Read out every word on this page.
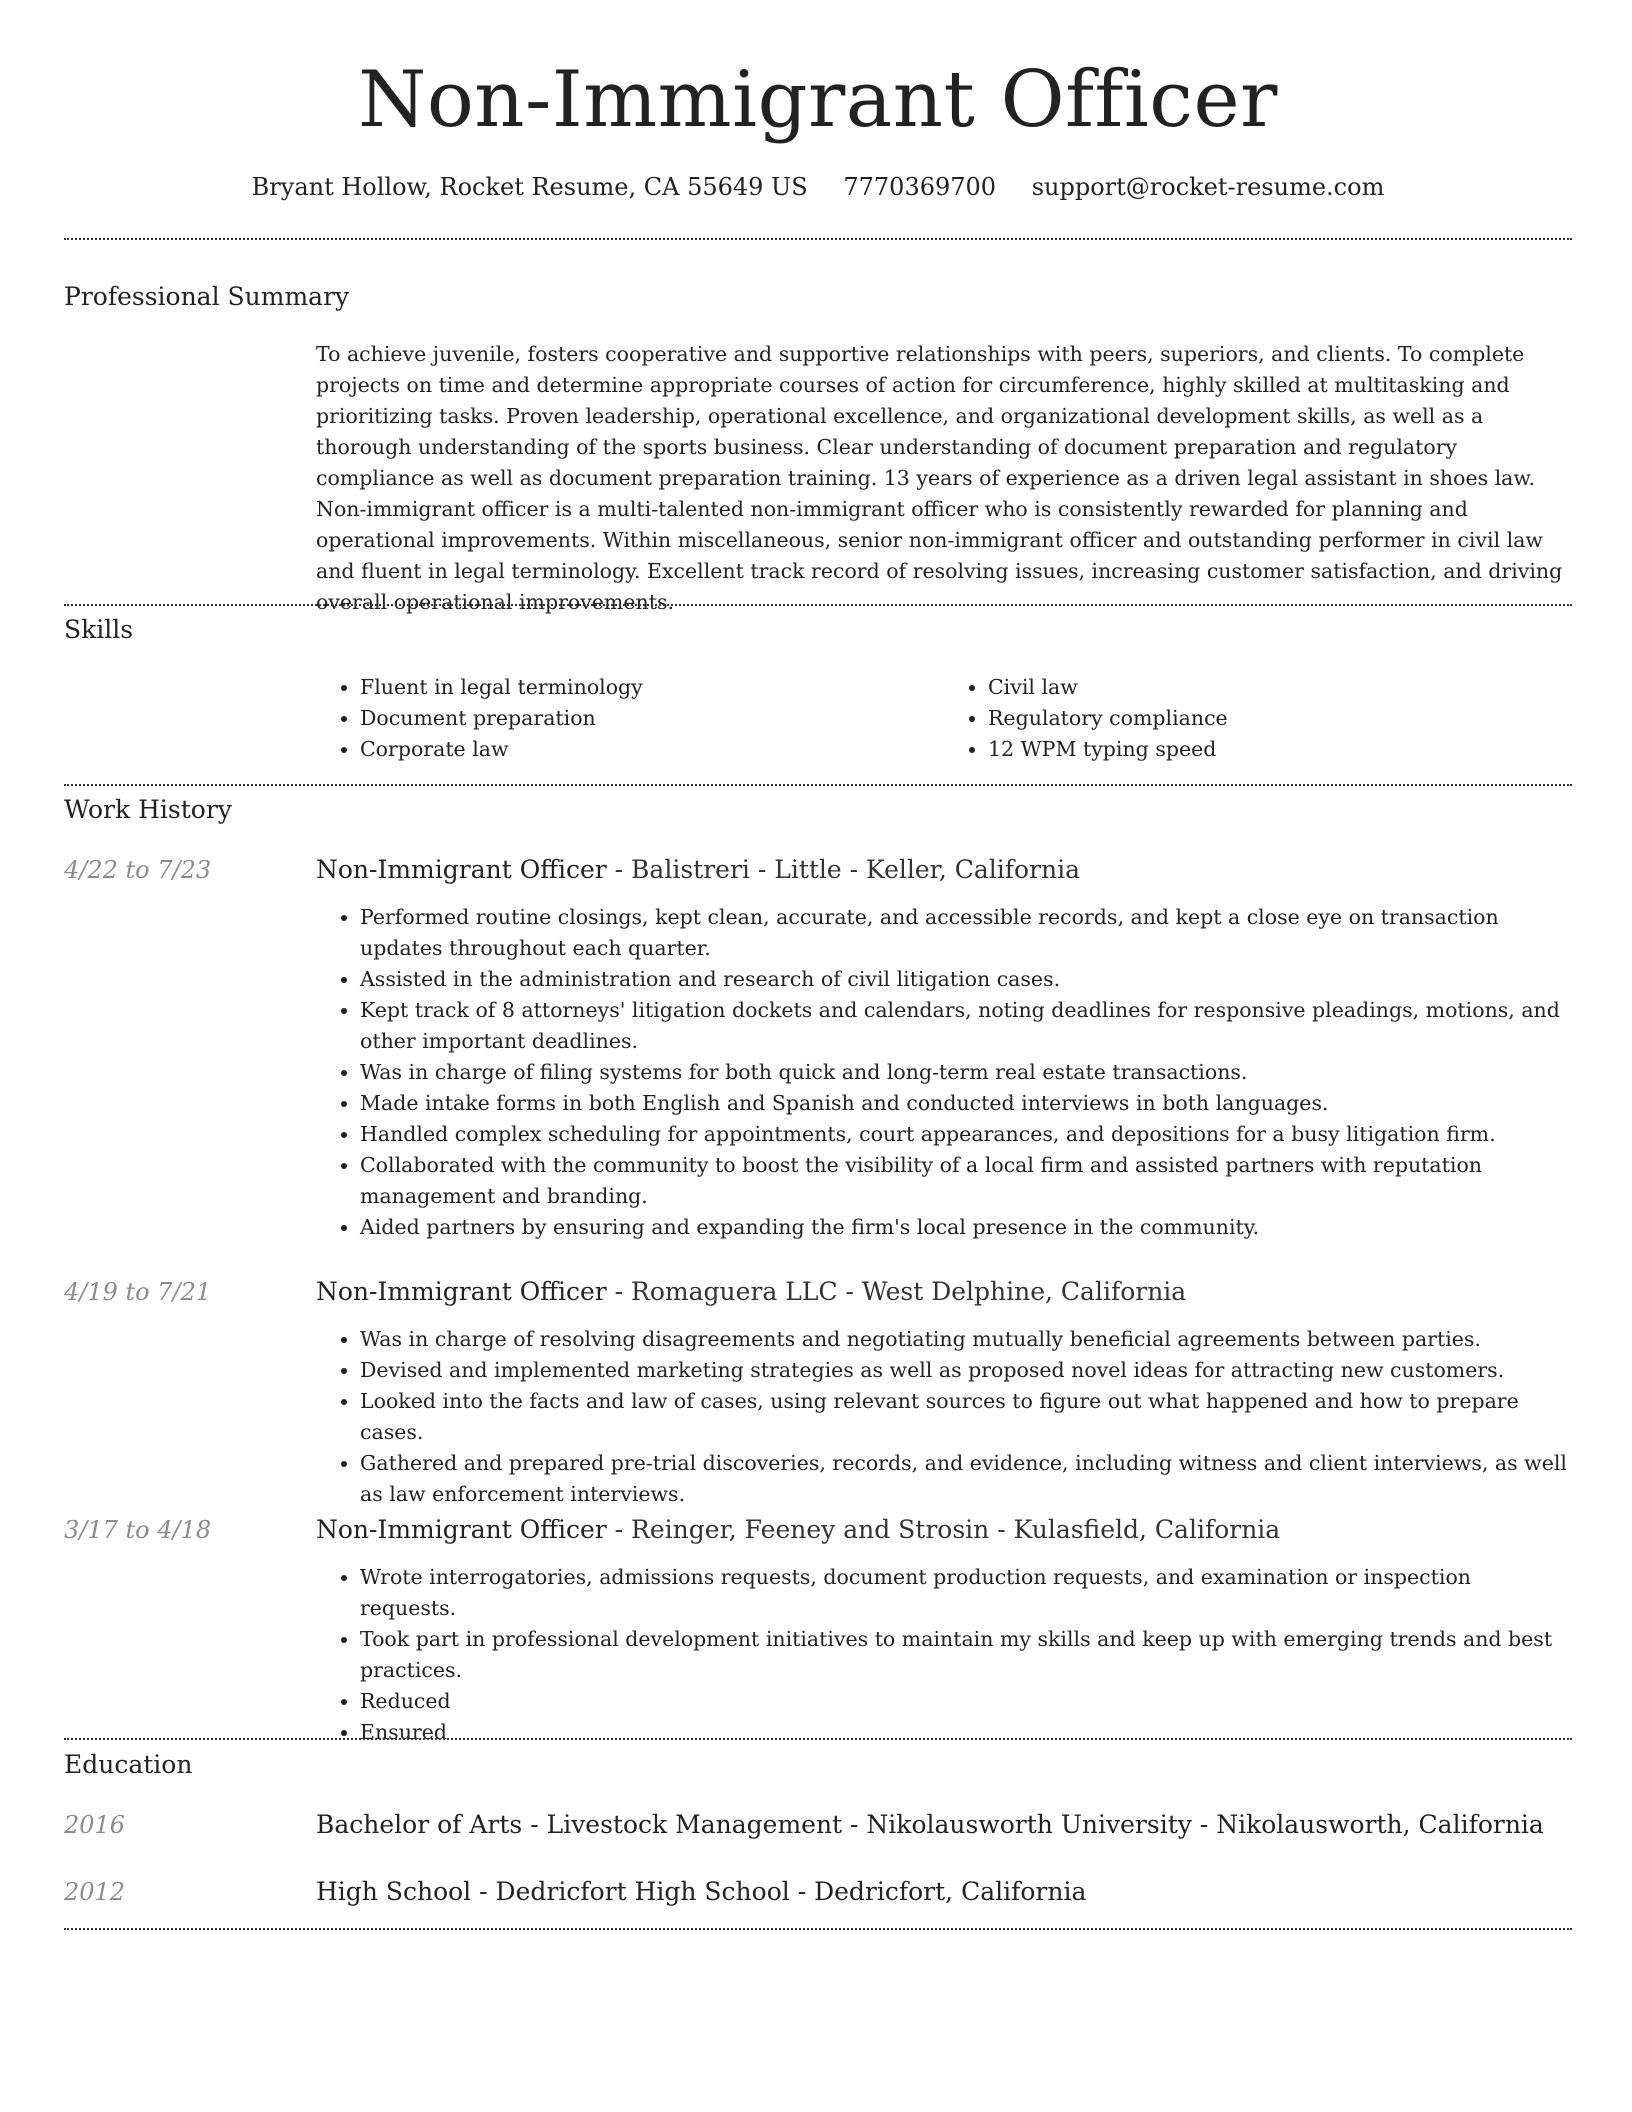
Non-Immigrant Officer
Bryant Hollow, Rocket Resume, CA 55649 US 7770369700 support@rocket-resume.com
Professional Summary

To achieve juvenile, fosters cooperative and supportive relationships with peers, superiors, and clients. To complete projects on time and determine appropriate courses of action for circumference, highly skilled at multitasking and prioritizing tasks. Proven leadership, operational excellence, and organizational development skills, as well as a thorough understanding of the sports business. Clear understanding of document preparation and regulatory compliance as well as document preparation training. 13 years of experience as a driven legal assistant in shoes law. Non-immigrant officer is a multi-talented non-immigrant officer who is consistently rewarded for planning and operational improvements. Within miscellaneous, senior non-immigrant officer and outstanding performer in civil law and fluent in legal terminology. Excellent track record of resolving issues, increasing customer satisfaction, and driving overall operational improvements.

Skills
• Fluent in legal terminology
• Document preparation
• Corporate law
• Civil law
• Regulatory compliance
• 12 WPM typing speed
Work History
4/22 to 7/23	Non-Immigrant Officer - Balistreri - Little - Keller, California
• Performed routine closings, kept clean, accurate, and accessible records, and kept a close eye on transaction updates throughout each quarter.
• Assisted in the administration and research of civil litigation cases.
• Kept track of 8 attorneys' litigation dockets and calendars, noting deadlines for responsive pleadings, motions, and other important deadlines.
• Was in charge of filing systems for both quick and long-term real estate transactions.
• Made intake forms in both English and Spanish and conducted interviews in both languages.
• Handled complex scheduling for appointments, court appearances, and depositions for a busy litigation firm.
• Collaborated with the community to boost the visibility of a local firm and assisted partners with reputation management and branding.
• Aided partners by ensuring and expanding the firm's local presence in the community.
4/19 to 7/21	Non-Immigrant Officer - Romaguera LLC - West Delphine, California
• Was in charge of resolving disagreements and negotiating mutually beneficial agreements between parties.
• Devised and implemented marketing strategies as well as proposed novel ideas for attracting new customers.
• Looked into the facts and law of cases, using relevant sources to figure out what happened and how to prepare cases.
• Gathered and prepared pre-trial discoveries, records, and evidence, including witness and client interviews, as well as law enforcement interviews.
3/17 to 4/18	Non-Immigrant Officer - Reinger, Feeney and Strosin - Kulasfield, California
• Wrote interrogatories, admissions requests, document production requests, and examination or inspection requests.
• Took part in professional development initiatives to maintain my skills and keep up with emerging trends and best practices.
• Reduced
• Ensured
Education
2016	Bachelor of Arts - Livestock Management - Nikolausworth University - Nikolausworth, California
2012	High School - Dedricfort High School - Dedricfort, California
